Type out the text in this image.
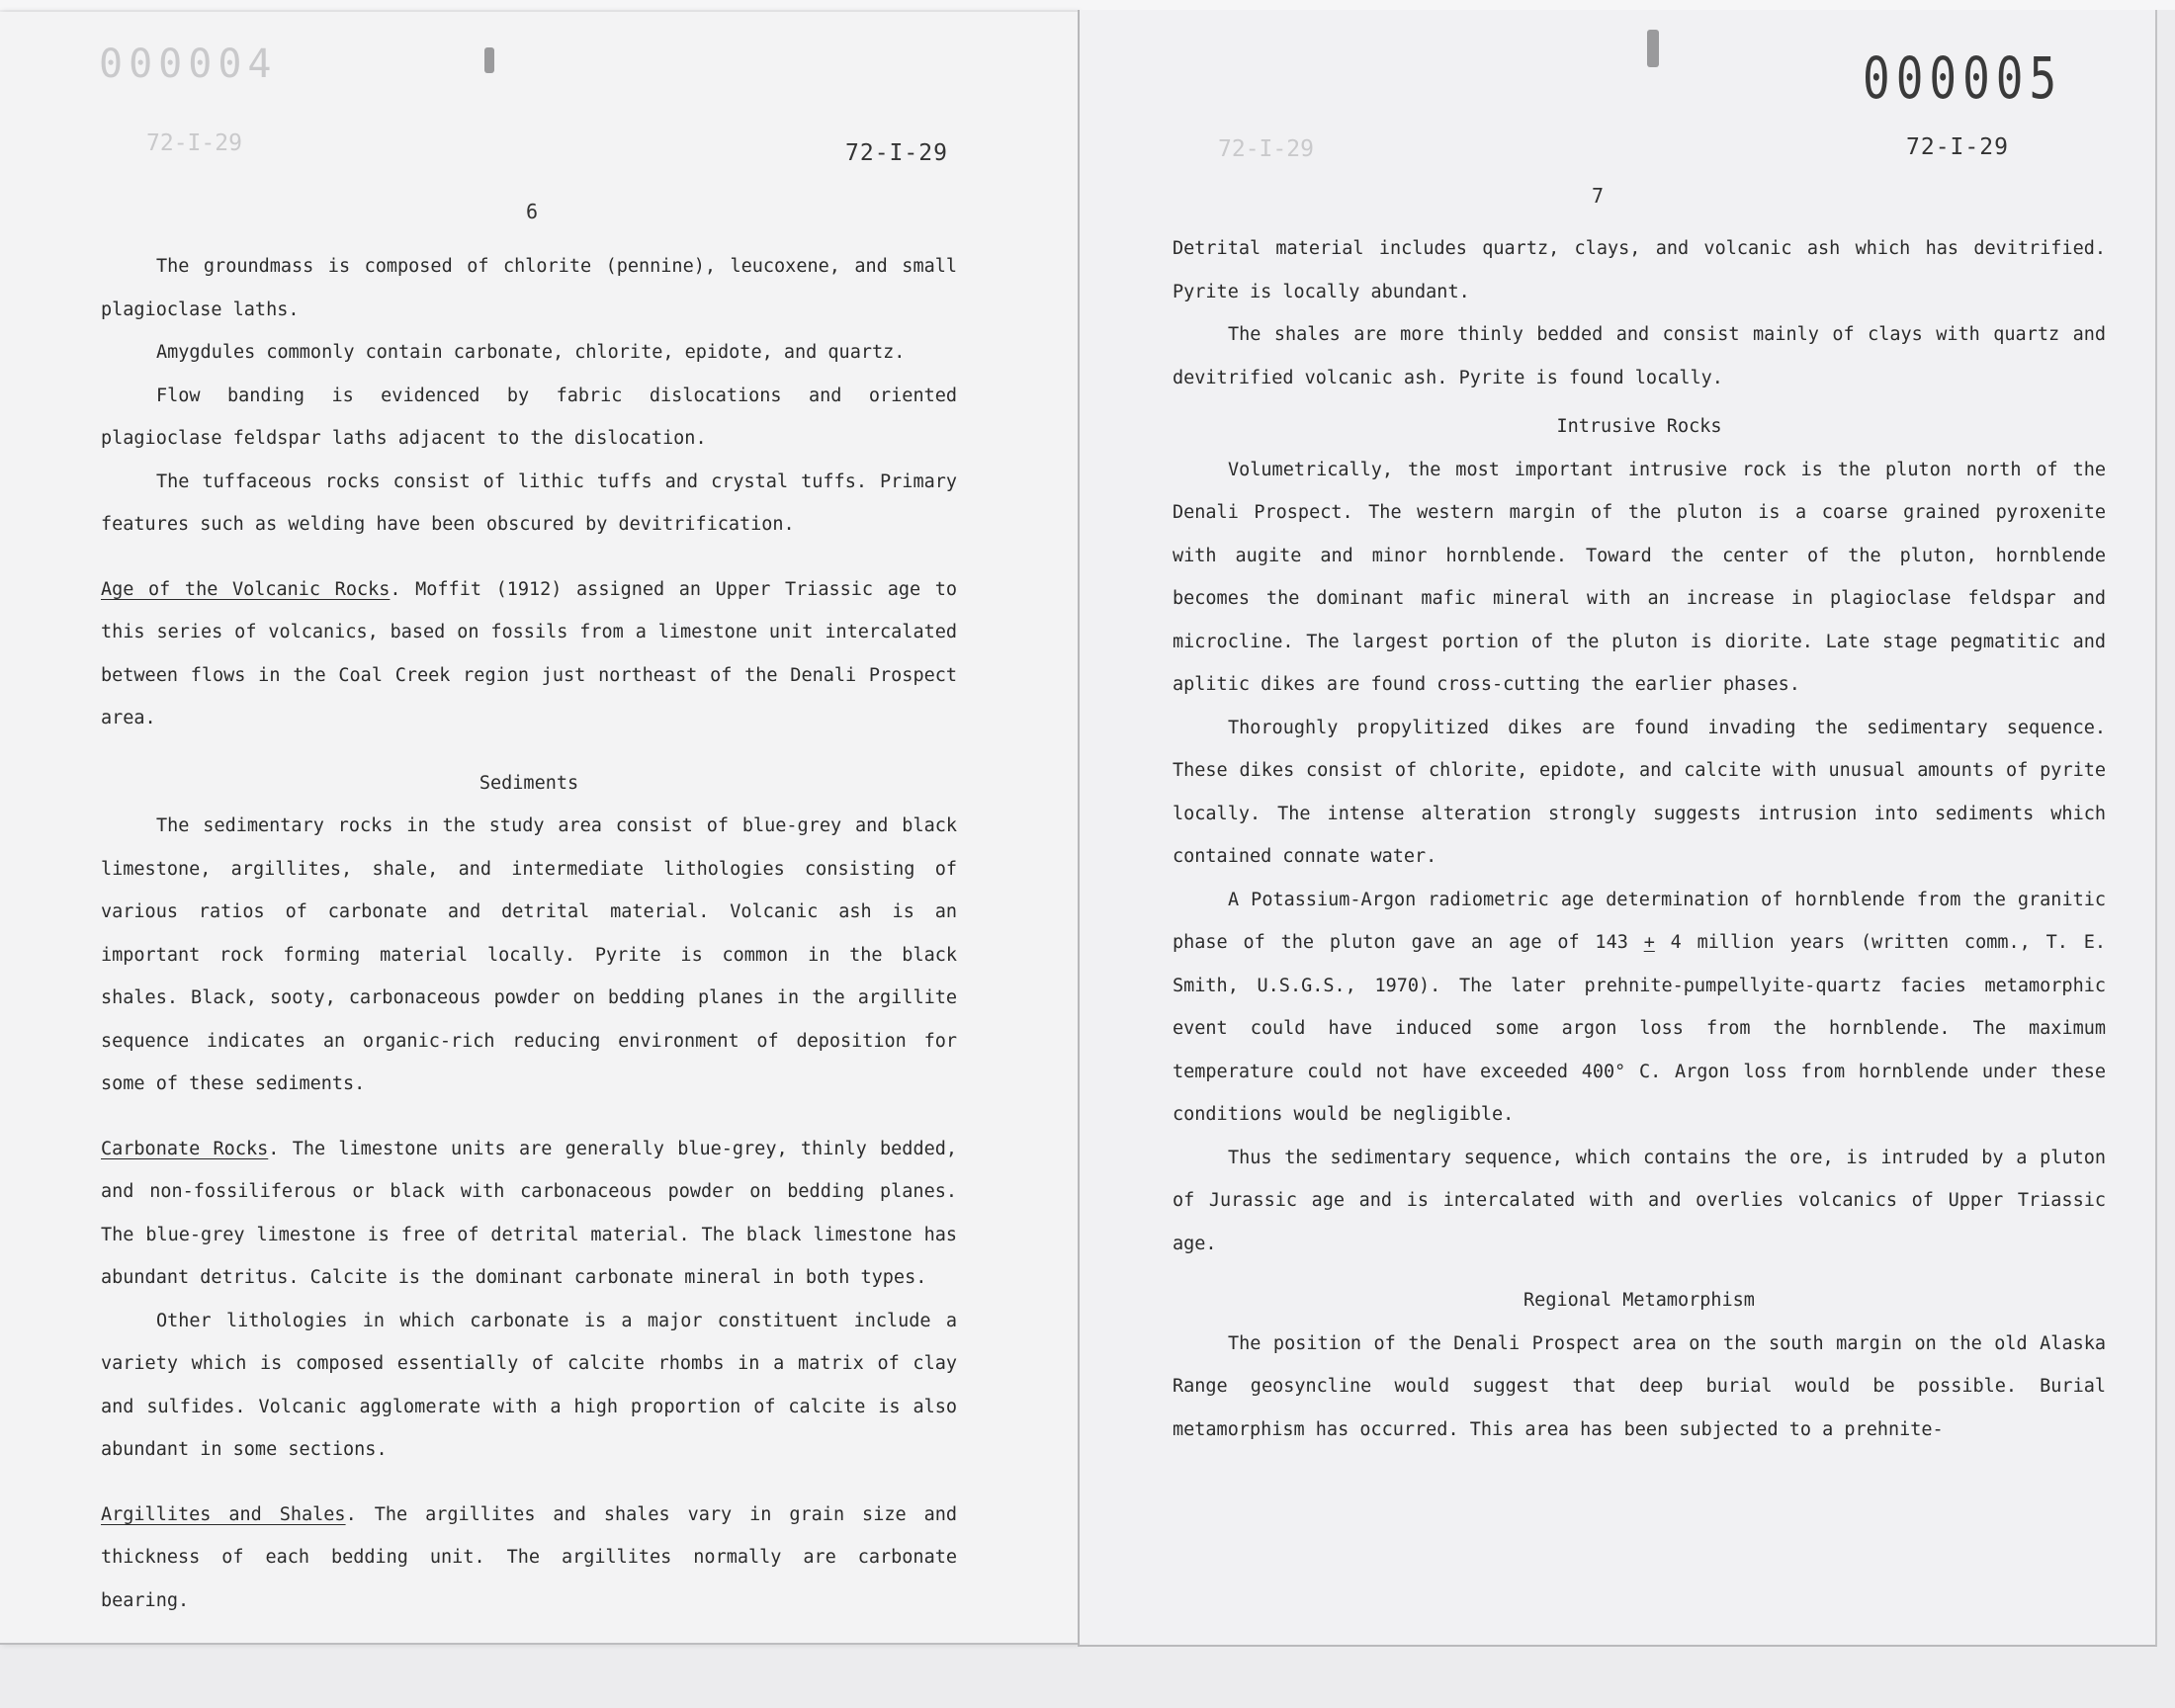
000004
72-I-29	72-I-29
6

The groundmass is composed of chlorite (pennine), leucoxene, and small plagioclase laths.

Amygdules commonly contain carbonate, chlorite, epidote, and quartz.

Flow banding is evidenced by fabric dislocations and oriented plagioclase feldspar laths adjacent to the dislocation.

The tuffaceous rocks consist of lithic tuffs and crystal tuffs. Primary features such as welding have been obscured by devitrification.

Age of the Volcanic Rocks. Moffit (1912) assigned an Upper Triassic age to this series of volcanics, based on fossils from a limestone unit intercalated between flows in the Coal Creek region just northeast of the Denali Prospect area.

Sediments

The sedimentary rocks in the study area consist of blue-grey and black limestone, argillites, shale, and intermediate lithologies consisting of various ratios of carbonate and detrital material. Volcanic ash is an important rock forming material locally. Pyrite is common in the black shales. Black, sooty, carbonaceous powder on bedding planes in the argillite sequence indicates an organic-rich reducing environment of deposition for some of these sediments.

Carbonate Rocks. The limestone units are generally blue-grey, thinly bedded, and non-fossiliferous or black with carbonaceous powder on bedding planes. The blue-grey limestone is free of detrital material. The black limestone has abundant detritus. Calcite is the dominant carbonate mineral in both types.

Other lithologies in which carbonate is a major constituent include a variety which is composed essentially of calcite rhombs in a matrix of clay and sulfides. Volcanic agglomerate with a high proportion of calcite is also abundant in some sections.

Argillites and Shales. The argillites and shales vary in grain size and thickness of each bedding unit. The argillites normally are carbonate bearing.

72-I-29
000005
72-I-29
7

Detrital material includes quartz, clays, and volcanic ash which has devitrified. Pyrite is locally abundant.

The shales are more thinly bedded and consist mainly of clays with quartz and devitrified volcanic ash. Pyrite is found locally.

Intrusive Rocks

Volumetrically, the most important intrusive rock is the pluton north of the Denali Prospect. The western margin of the pluton is a coarse grained pyroxenite with augite and minor hornblende. Toward the center of the pluton, hornblende becomes the dominant mafic mineral with an increase in plagioclase feldspar and microcline. The largest portion of the pluton is diorite. Late stage pegmatitic and aplitic dikes are found cross-cutting the earlier phases.

Thoroughly propylitized dikes are found invading the sedimentary sequence. These dikes consist of chlorite, epidote, and calcite with unusual amounts of pyrite locally. The intense alteration strongly suggests intrusion into sediments which contained connate water.

A Potassium-Argon radiometric age determination of hornblende from the granitic phase of the pluton gave an age of 143 + 4 million years (written comm., T. E. Smith, U.S.G.S., 1970). The later prehnite-pumpellyite-quartz facies metamorphic event could have induced some argon loss from the hornblende. The maximum temperature could not have exceeded 400° C. Argon loss from hornblende under these conditions would be negligible.

Thus the sedimentary sequence, which contains the ore, is intruded by a pluton of Jurassic age and is intercalated with and overlies volcanics of Upper Triassic age.

Regional Metamorphism

The position of the Denali Prospect area on the south margin on the old Alaska Range geosyncline would suggest that deep burial would be possible. Burial metamorphism has occurred. This area has been subjected to a prehnite-
